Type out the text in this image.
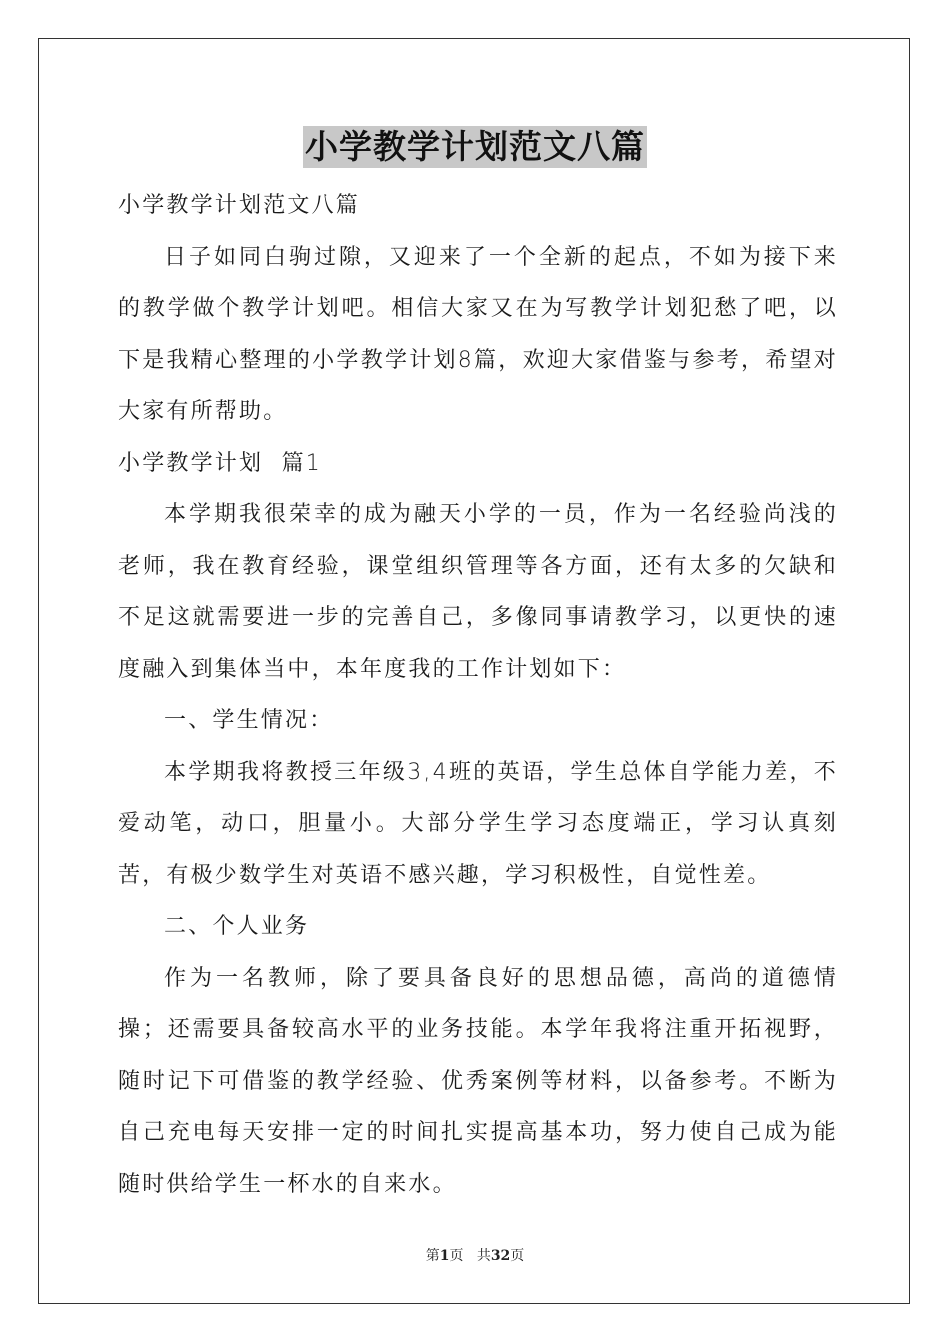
小学教学计划范文八篇

小学教学计划范文八篇

日子如同白驹过隙，又迎来了一个全新的起点，不如为接下来的教学做个教学计划吧。相信大家又在为写教学计划犯愁了吧，以下是我精心整理的小学教学计划8篇，欢迎大家借鉴与参考，希望对大家有所帮助。

小学教学计划  篇1

本学期我很荣幸的成为融天小学的一员，作为一名经验尚浅的老师，我在教育经验，课堂组织管理等各方面，还有太多的欠缺和不足这就需要进一步的完善自己，多像同事请教学习，以更快的速度融入到集体当中，本年度我的工作计划如下：

一、学生情况：

本学期我将教授三年级3,4班的英语，学生总体自学能力差，不爱动笔，动口，胆量小。大部分学生学习态度端正，学习认真刻苦，有极少数学生对英语不感兴趣，学习积极性，自觉性差。

二、个人业务

作为一名教师，除了要具备良好的思想品德，高尚的道德情操；还需要具备较高水平的业务技能。本学年我将注重开拓视野，随时记下可借鉴的教学经验、优秀案例等材料，以备参考。不断为自己充电每天安排一定的时间扎实提高基本功，努力使自己成为能随时供给学生一杯水的自来水。

第1页 共32页
